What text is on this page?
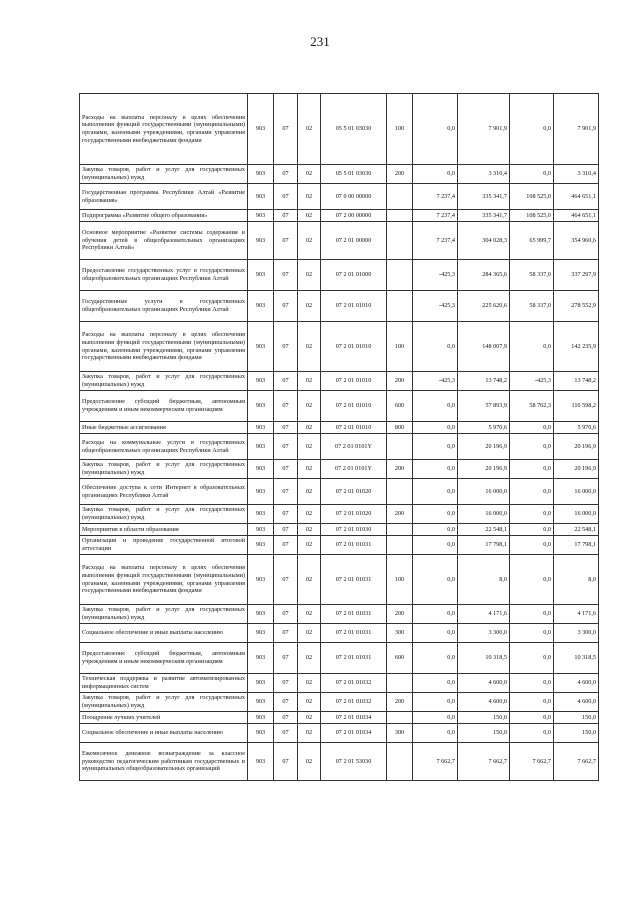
231
Расходы на выплаты персоналу в целях обеспечения выполнения функций государственными (муниципальными) органами, казенными учреждениями, органами управления государственными внебюджетными фондами	903	07	02	05 5 01 03030	100	0,0	7 901,9	0,0	7 901,9
Закупка товаров, работ и услуг для государственных (муниципальных) нужд	903	07	02	05 5 01 03030	200	0,0	3 310,4	0,0	3 310,4
Государственная программа Республики Алтай «Развитие образования»	903	07	02	07 0 00 00000		7 237,4	335 341,7	108 525,0	464 651,1
Подпрограмма «Развитие общего образования»	903	07	02	07 2 00 00000		7 237,4	335 341,7	108 525,0	464 651,1
Основное мероприятие «Развитие системы содержания и обучения детей в общеобразовательных организациях Республики Алтай»	903	07	02	07 2 01 00000		7 237,4	304 028,3	65 999,7	354 960,6
Предоставление государственных услуг в государственных общеобразовательных организациях Республики Алтай	903	07	02	07 2 01 01000		-425,3	284 365,6	58 337,0	337 297,9
Государственные услуги в государственных общеобразовательных организациях Республики Алтай	903	07	02	07 2 01 01010		-425,3	225 620,6	58 337,0	278 552,9
Расходы на выплаты персоналу в целях обеспечения выполнения функций государственными (муниципальными) органами, казенными учреждениями, органами управления государственными внебюджетными фондами	903	07	02	07 2 01 01010	100	0,0	148 007,9	0,0	142 235,9
Закупка товаров, работ и услуг для государственных (муниципальных) нужд	903	07	02	07 2 01 01010	200	-425,3	13 748,2	-425,3	13 748,2
Предоставление субсидий бюджетным, автономным учреждениям и иным некоммерческим организациям	903	07	02	07 2 01 01010	600	0,0	57 893,9	58 762,3	116 598,2
Иные бюджетные ассигнования	903	07	02	07 2 01 01010	800	0,0	5 970,6	0,0	5 970,6
Расходы на коммунальные услуги в государственных общеобразовательных организациях Республики Алтай	903	07	02	07 2 01 0101Y		0,0	20 196,9	0,0	20 196,9
Закупка товаров, работ и услуг для государственных (муниципальных) нужд	903	07	02	07 2 01 0101Y	200	0,0	20 196,9	0,0	20 196,9
Обеспечение доступа к сети Интернет в образовательных организациях Республики Алтай	903	07	02	07 2 01 01020		0,0	16 000,0	0,0	16 000,0
Закупка товаров, работ и услуг для государственных (муниципальных) нужд	903	07	02	07 2 01 01020	200	0,0	16 000,0	0,0	16 000,0
Мероприятия в области образования	903	07	02	07 2 01 01030		0,0	22 548,1	0,0	22 548,1
Организация и проведение государственной итоговой аттестации	903	07	02	07 2 01 01031		0,0	17 798,1	0,0	17 798,1
Расходы на выплаты персоналу в целях обеспечения выполнения функций государственными (муниципальными) органами, казенными учреждениями, органами управления государственными внебюджетными фондами	903	07	02	07 2 01 01031	100	0,0	8,0	0,0	8,0
Закупка товаров, работ и услуг для государственных (муниципальных) нужд	903	07	02	07 2 01 01031	200	0,0	4 171,6	0,0	4 171,6
Социальное обеспечение и иные выплаты населению	903	07	02	07 2 01 01031	300	0,0	3 300,0	0,0	3 300,0
Предоставление субсидий бюджетным, автономным учреждениям и иным некоммерческим организациям	903	07	02	07 2 01 01031	600	0,0	10 318,5	0,0	10 318,5
Техническая поддержка и развитие автоматизированных информационных систем	903	07	02	07 2 01 01032		0,0	4 600,0	0,0	4 600,0
Закупка товаров, работ и услуг для государственных (муниципальных) нужд	903	07	02	07 2 01 01032	200	0,0	4 600,0	0,0	4 600,0
Поощрение лучших учителей	903	07	02	07 2 01 01034		0,0	150,0	0,0	150,0
Социальное обеспечение и иные выплаты населению	903	07	02	07 2 01 01034	300	0,0	150,0	0,0	150,0
Ежемесячное денежное вознаграждение за классное руководство педагогическим работникам государственных и муниципальных общеобразовательных организаций	903	07	02	07 2 01 53030		7 662,7	7 662,7	7 662,7	7 662,7
